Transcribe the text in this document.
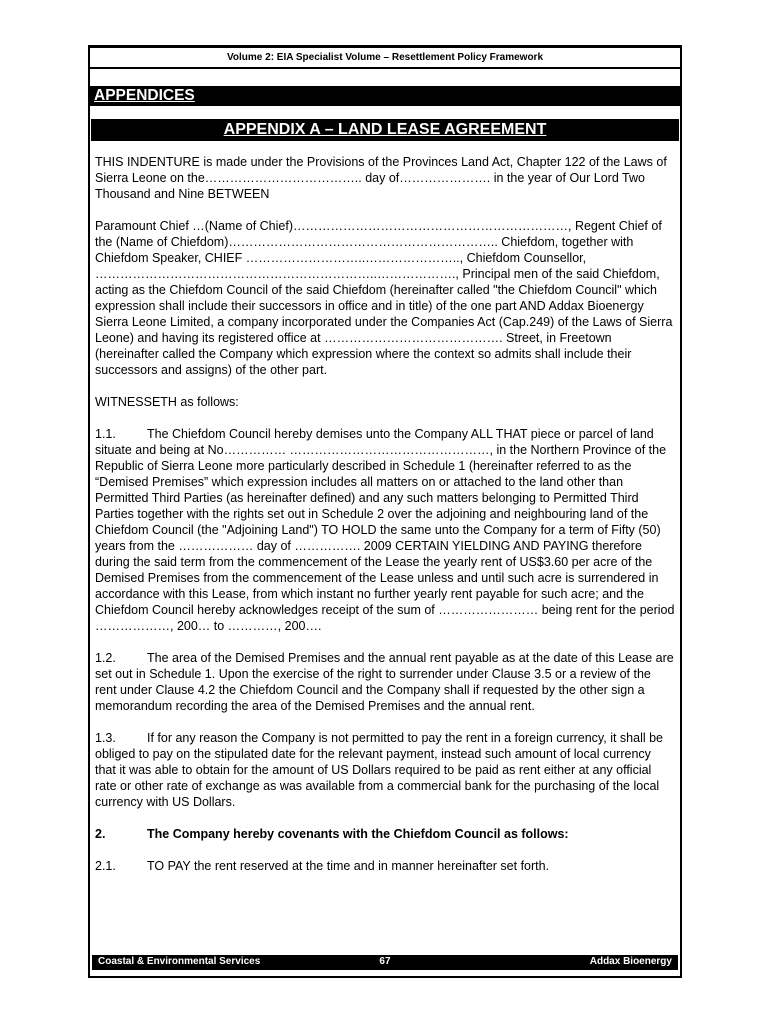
Volume 2: EIA Specialist Volume – Resettlement Policy Framework
APPENDICES
APPENDIX A – LAND LEASE AGREEMENT

THIS INDENTURE is made under the Provisions of the Provinces Land Act, Chapter 122 of the Laws of Sierra Leone on the……………………………….. day of…………………. in the year of Our Lord Two Thousand and Nine BETWEEN

Paramount Chief …(Name of Chief)…………………………………………………………, Regent Chief of the (Name of Chiefdom)……………………………………………………….. Chiefdom, together with Chiefdom Speaker, CHIEF ………………………..………………….., Chiefdom Counsellor, …………………………………………………………..………………., Principal men of the said Chiefdom, acting as the Chiefdom Council of the said Chiefdom (hereinafter called "the Chiefdom Council" which expression shall include their successors in office and in title) of the one part AND Addax Bioenergy Sierra Leone Limited, a company incorporated under the Companies Act (Cap.249) of the Laws of Sierra Leone) and having its registered office at ……………………………………. Street, in Freetown (hereinafter called the Company which expression where the context so admits shall include their successors and assigns) of the other part.

WITNESSETH as follows:

1.1. The Chiefdom Council hereby demises unto the Company ALL THAT piece or parcel of land situate and being at No…………… …………………………………………, in the Northern Province of the Republic of Sierra Leone more particularly described in Schedule 1 (hereinafter referred to as the “Demised Premises” which expression includes all matters on or attached to the land other than Permitted Third Parties (as hereinafter defined) and any such matters belonging to Permitted Third Parties together with the rights set out in Schedule 2 over the adjoining and neighbouring land of the Chiefdom Council (the "Adjoining Land") TO HOLD the same unto the Company for a term of Fifty (50) years from the ……………… day of ……………. 2009 CERTAIN YIELDING AND PAYING therefore during the said term from the commencement of the Lease the yearly rent of US$3.60 per acre of the Demised Premises from the commencement of the Lease unless and until such acre is surrendered in accordance with this Lease, from which instant no further yearly rent payable for such acre; and the Chiefdom Council hereby acknowledges receipt of the sum of …………………… being rent for the period ………………, 200… to …………, 200….

1.2. The area of the Demised Premises and the annual rent payable as at the date of this Lease are set out in Schedule 1. Upon the exercise of the right to surrender under Clause 3.5 or a review of the rent under Clause 4.2 the Chiefdom Council and the Company shall if requested by the other sign a memorandum recording the area of the Demised Premises and the annual rent.

1.3. If for any reason the Company is not permitted to pay the rent in a foreign currency, it shall be obliged to pay on the stipulated date for the relevant payment, instead such amount of local currency that it was able to obtain for the amount of US Dollars required to be paid as rent either at any official rate or other rate of exchange as was available from a commercial bank for the purchasing of the local currency with US Dollars.

2.	The Company hereby covenants with the Chiefdom Council as follows:

2.1. TO PAY the rent reserved at the time and in manner hereinafter set forth.

Coastal & Environmental Services	67	Addax Bioenergy
